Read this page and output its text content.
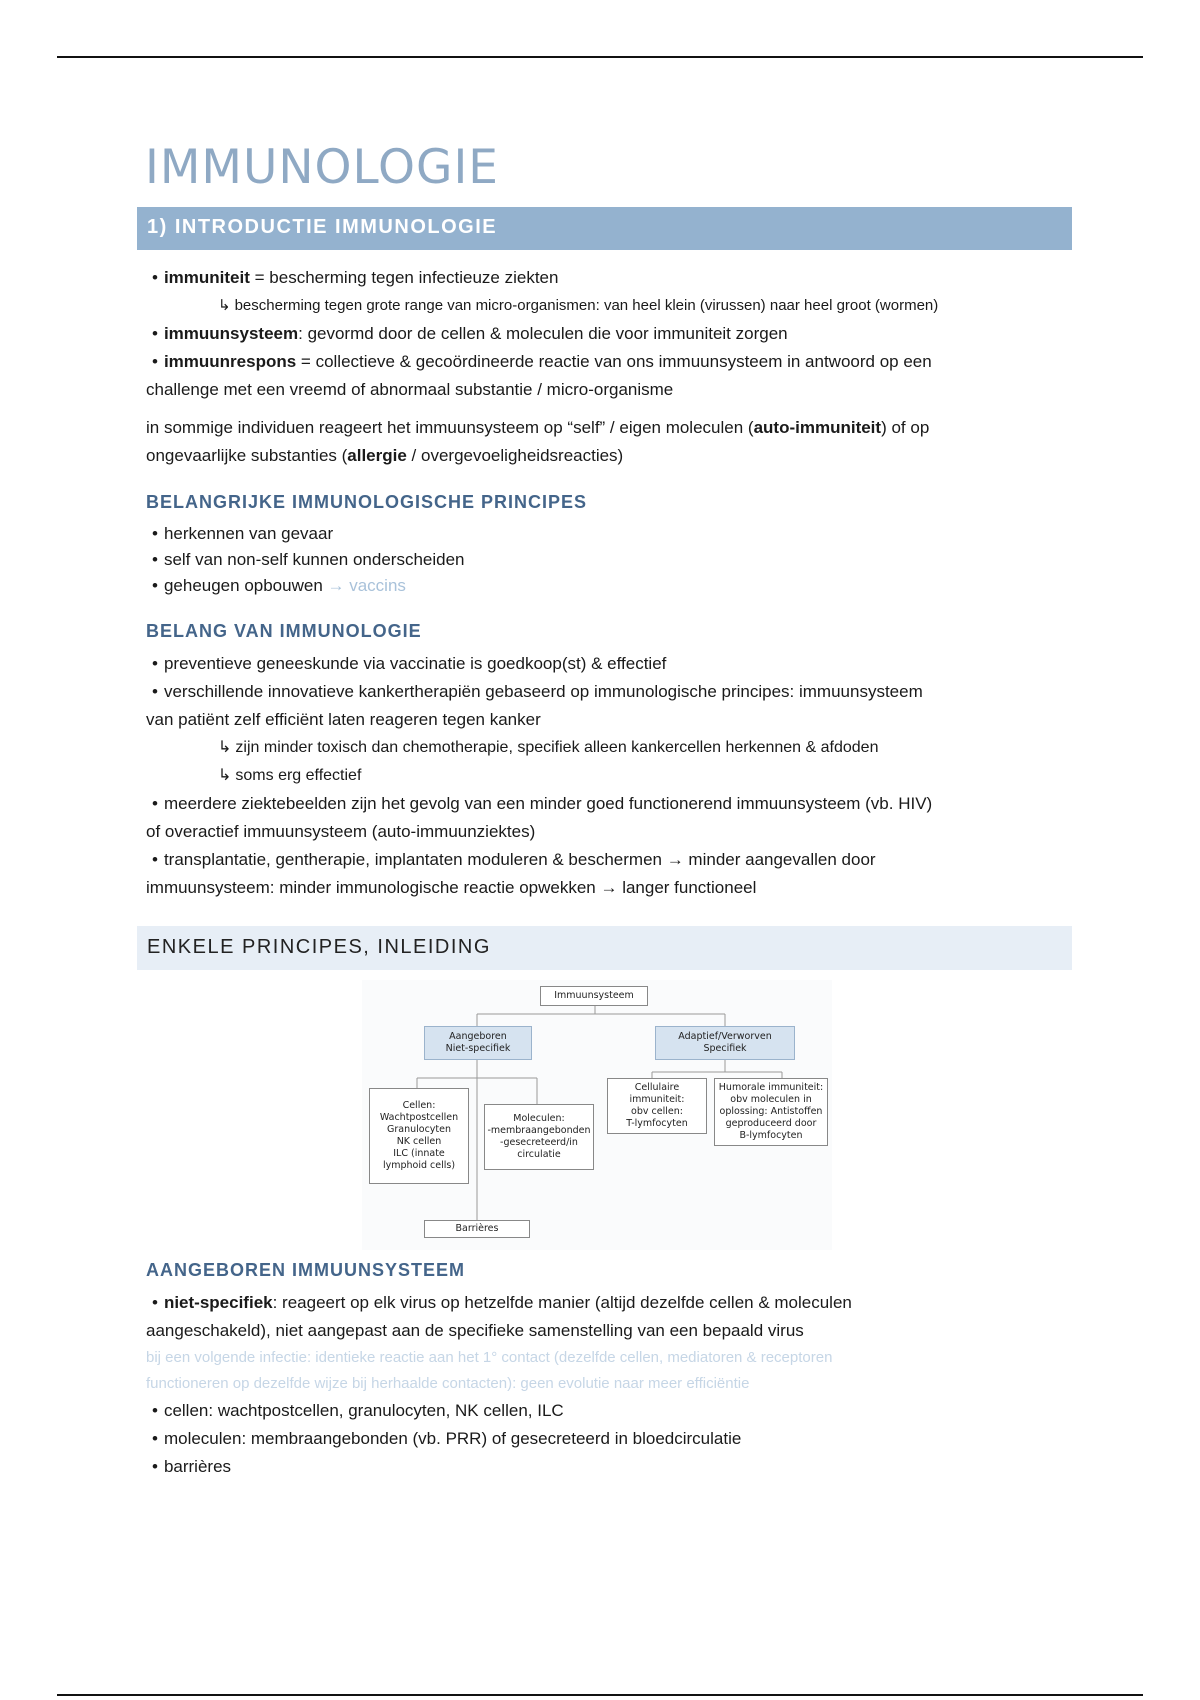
IMMUNOLOGIE
1) INTRODUCTIE IMMUNOLOGIE

• immuniteit = bescherming tegen infectieuze ziekten

↳ bescherming tegen grote range van micro-organismen: van heel klein (virussen) naar heel groot (wormen)

• immuunsysteem: gevormd door de cellen & moleculen die voor immuniteit zorgen

• immuunrespons = collectieve & gecoördineerde reactie van ons immuunsysteem in antwoord op een

challenge met een vreemd of abnormaal substantie / micro-organisme

in sommige individuen reageert het immuunsysteem op “self” / eigen moleculen (auto-immuniteit) of op

ongevaarlijke substanties (allergie / overgevoeligheidsreacties)

BELANGRIJKE IMMUNOLOGISCHE PRINCIPES

• herkennen van gevaar

• self van non-self kunnen onderscheiden

• geheugen opbouwen → vaccins

BELANG VAN IMMUNOLOGIE

• preventieve geneeskunde via vaccinatie is goedkoop(st) & effectief

• verschillende innovatieve kankertherapiën gebaseerd op immunologische principes: immuunsysteem

van patiënt zelf efficiënt laten reageren tegen kanker

↳ zijn minder toxisch dan chemotherapie, specifiek alleen kankercellen herkennen & afdoden

↳ soms erg effectief

• meerdere ziektebeelden zijn het gevolg van een minder goed functionerend immuunsysteem (vb. HIV)

of overactief immuunsysteem (auto-immuunziektes)

• transplantatie, gentherapie, implantaten moduleren & beschermen → minder aangevallen door

immuunsysteem: minder immunologische reactie opwekken → langer functioneel

ENKELE PRINCIPES, INLEIDING
Immuunsysteem
Aangeboren
Niet-specifiek
Adaptief/Verworven
Specifiek
Cellen:
Wachtpostcellen
Granulocyten
NK cellen
ILC (innate
lymphoid cells)
Moleculen:
-membraangebonden
-gesecreteerd/in
circulatie
Cellulaire
immuniteit:
obv cellen:
T-lymfocyten
Humorale immuniteit:
obv moleculen in
oplossing: Antistoffen
geproduceerd door
B-lymfocyten
Barrières
AANGEBOREN IMMUUNSYSTEEM

• niet-specifiek: reageert op elk virus op hetzelfde manier (altijd dezelfde cellen & moleculen

aangeschakeld), niet aangepast aan de specifieke samenstelling van een bepaald virus

bij een volgende infectie: identieke reactie aan het 1° contact (dezelfde cellen, mediatoren & receptoren

functioneren op dezelfde wijze bij herhaalde contacten): geen evolutie naar meer efficiëntie

• cellen: wachtpostcellen, granulocyten, NK cellen, ILC

• moleculen: membraangebonden (vb. PRR) of gesecreteerd in bloedcirculatie

• barrières
